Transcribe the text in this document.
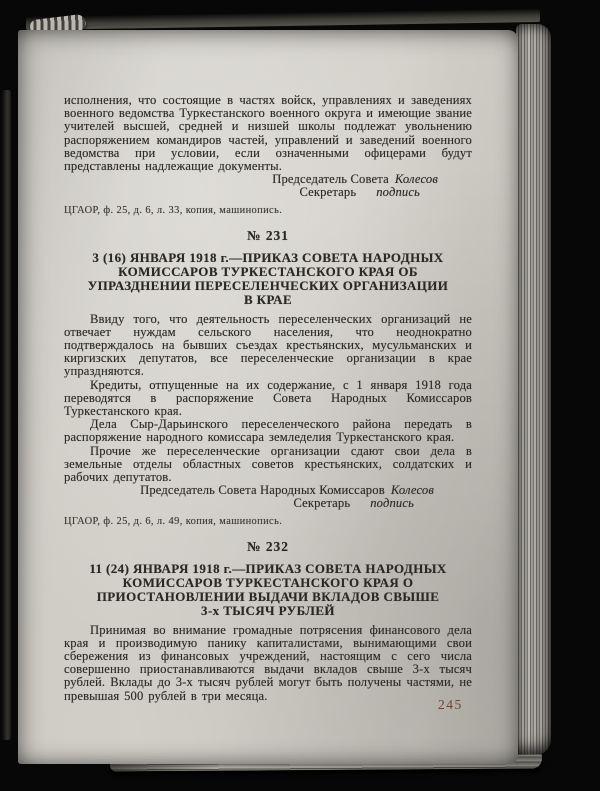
исполнения, что состоящие в частях войск, управлениях и заведениях военного ведомства Туркестанского военного округа и имеющие звание учителей высшей, средней и низшей школы подлежат увольнению распоряжением командиров частей, управлений и заведений военного ведомства при условии, если означенными офицерами будут представлены надлежащие документы.

Председатель Совета Колесов
Секретарь подпись
ЦГАОР, ф. 25, д. 6, л. 33, копия, машинопись.
№ 231
3 (16) ЯНВАРЯ 1918 г.—ПРИКАЗ СОВЕТА НАРОДНЫХ
КОМИССАРОВ ТУРКЕСТАНСКОГО КРАЯ ОБ
УПРАЗДНЕНИИ ПЕРЕСЕЛЕНЧЕСКИХ ОРГАНИЗАЦИИ
В КРАЕ

Ввиду того, что деятельность переселенческих организаций не отвечает нуждам сельского населения, что неоднократно подтверждалось на бывших съездах крестьянских, мусульманских и киргизских депутатов, все переселенческие организации в крае упраздняются.

Кредиты, отпущенные на их содержание, с 1 января 1918 года переводятся в распоряжение Совета Народных Комиссаров Туркестанского края.

Дела Сыр-Дарьинского переселенческого района передать в распоряжение народного комиссара земледелия Туркестанского края.

Прочие же переселенческие организации сдают свои дела в земельные отделы областных советов крестьянских, солдатских и рабочих депутатов.

Председатель Совета Народных Комиссаров Колесов
Секретарь подпись
ЦГАОР, ф. 25, д. 6, л. 49, копия, машинопись.
№ 232
11 (24) ЯНВАРЯ 1918 г.—ПРИКАЗ СОВЕТА НАРОДНЫХ
КОМИССАРОВ ТУРКЕСТАНСКОГО КРАЯ О
ПРИОСТАНОВЛЕНИИ ВЫДАЧИ ВКЛАДОВ СВЫШЕ
3-х ТЫСЯЧ РУБЛЕЙ

Принимая во внимание громадные потрясения финансового дела края и производимую панику капиталистами, вынимающими свои сбережения из финансовых учреждений, настоящим с сего числа совершенно приостанавливаются выдачи вкладов свыше 3-х тысяч рублей. Вклады до 3-х тысяч рублей могут быть получены частями, не превышая 500 рублей в три месяца.

245
